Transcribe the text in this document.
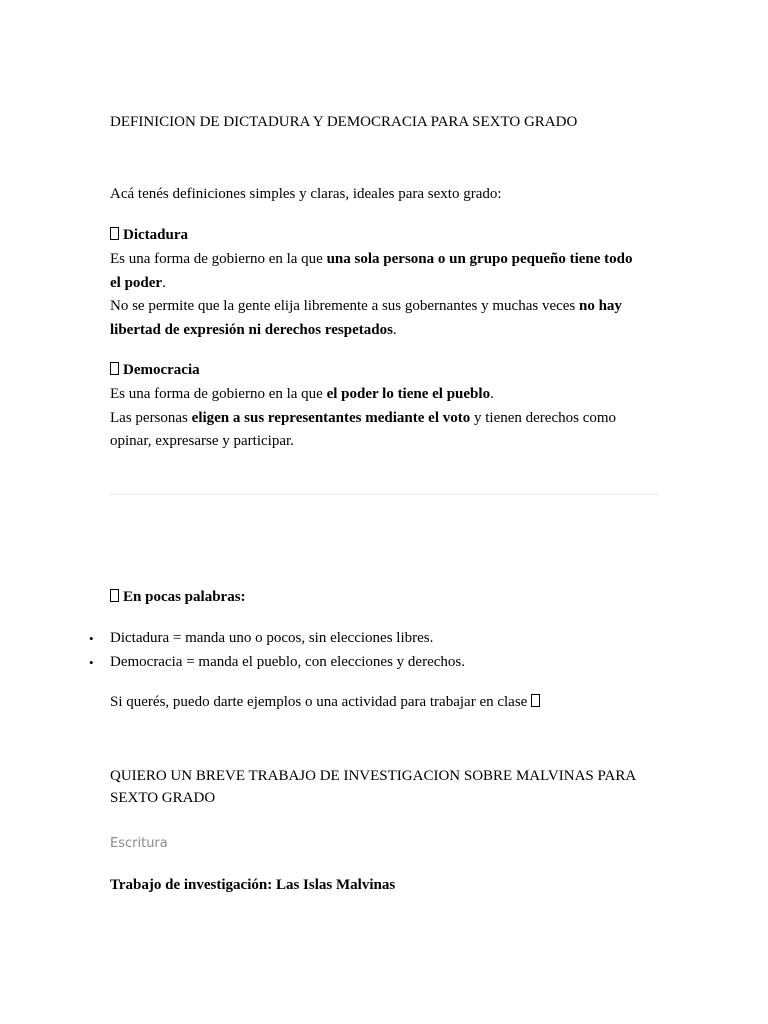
DEFINICION DE DICTADURA Y DEMOCRACIA PARA SEXTO GRADO

Acá tenés definiciones simples y claras, ideales para sexto grado:

Dictadura

Es una forma de gobierno en la que una sola persona o un grupo pequeño tiene todo

el poder.

No se permite que la gente elija libremente a sus gobernantes y muchas veces no hay

libertad de expresión ni derechos respetados.

Democracia

Es una forma de gobierno en la que el poder lo tiene el pueblo.

Las personas eligen a sus representantes mediante el voto y tienen derechos como

opinar, expresarse y participar.

En pocas palabras:

• Dictadura = manda uno o pocos, sin elecciones libres.
• Democracia = manda el pueblo, con elecciones y derechos.

Si querés, puedo darte ejemplos o una actividad para trabajar en clase

QUIERO UN BREVE TRABAJO DE INVESTIGACION SOBRE MALVINAS PARA

SEXTO GRADO

Escritura

Trabajo de investigación: Las Islas Malvinas
